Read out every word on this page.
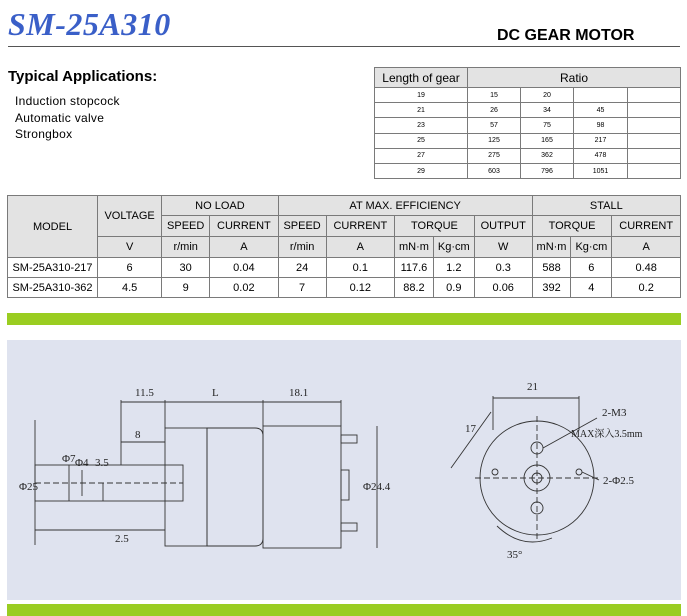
SM-25A310	DC GEAR MOTOR
Typical Applications:
Induction stopcock
Automatic valve
Strongbox
Length of gear	Ratio			
19	15	20		
21	26	34	45	
23	57	75	98	
25	125	165	217	
27	275	362	478	
29	603	796	1051	
MODEL	VOLTAGE	NO LOAD		AT MAX. EFFICIENCY					STALL		
		SPEED	CURRENT	SPEED	CURRENT	TORQUE		OUTPUT	TORQUE		CURRENT
	V	r/min	A	r/min	A	mN·m	Kg·cm	W	mN·m	Kg·cm	A
SM-25A310-217	6	30	0.04	24	0.1	117.6	1.2	0.3	588	6	0.48
SM-25A310-362	4.5	9	0.02	7	0.12	88.2	0.9	0.06	392	4	0.2
11.5	L	18.1
8
Φ7 Φ4 3.5
Φ25	Φ24.4
2.5
21
17
2-M3
MAX深入3.5mm
2-Φ2.5
35°
